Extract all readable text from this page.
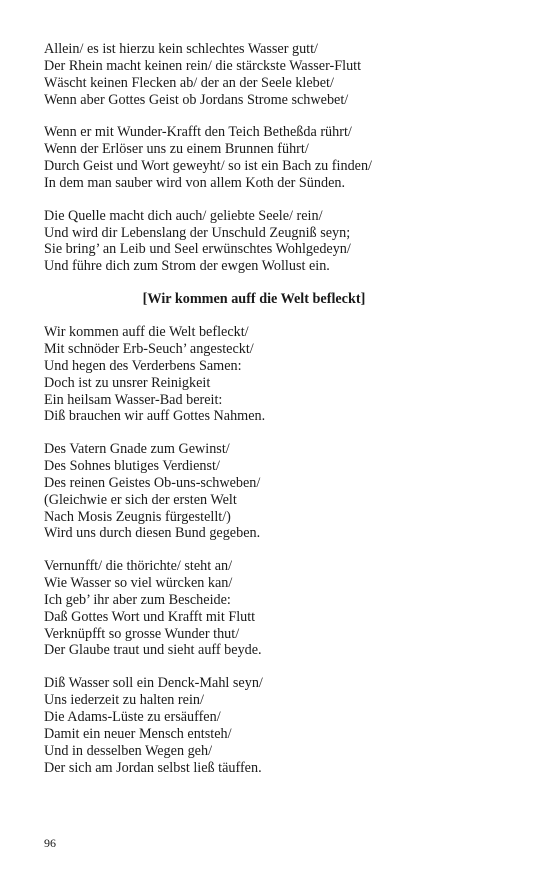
Allein/ es ist hierzu kein schlechtes Wasser gutt/
Der Rhein macht keinen rein/ die stärckste Wasser-Flutt
Wäscht keinen Flecken ab/ der an der Seele klebet/
Wenn aber Gottes Geist ob Jordans Strome schwebet/
Wenn er mit Wunder-Krafft den Teich Betheßda rührt/
Wenn der Erlöser uns zu einem Brunnen führt/
Durch Geist und Wort geweyht/ so ist ein Bach zu finden/
In dem man sauber wird von allem Koth der Sünden.
Die Quelle macht dich auch/ geliebte Seele/ rein/
Und wird dir Lebenslang der Unschuld Zeugniß seyn;
Sie bring’ an Leib und Seel erwünschtes Wohlgedeyn/
Und führe dich zum Strom der ewgen Wollust ein.
[Wir kommen auff die Welt befleckt]
Wir kommen auff die Welt befleckt/
Mit schnöder Erb-Seuch’ angesteckt/
Und hegen des Verderbens Samen:
Doch ist zu unsrer Reinigkeit
Ein heilsam Wasser-Bad bereit:
Diß brauchen wir auff Gottes Nahmen.
Des Vatern Gnade zum Gewinst/
Des Sohnes blutiges Verdienst/
Des reinen Geistes Ob-uns-schweben/
(Gleichwie er sich der ersten Welt
Nach Mosis Zeugnis fürgestellt/)
Wird uns durch diesen Bund gegeben.
Vernunfft/ die thörichte/ steht an/
Wie Wasser so viel würcken kan/
Ich geb’ ihr aber zum Bescheide:
Daß Gottes Wort und Krafft mit Flutt
Verknüpfft so grosse Wunder thut/
Der Glaube traut und sieht auff beyde.
Diß Wasser soll ein Denck-Mahl seyn/
Uns iederzeit zu halten rein/
Die Adams-Lüste zu ersäuffen/
Damit ein neuer Mensch entsteh/
Und in desselben Wegen geh/
Der sich am Jordan selbst ließ täuffen.
96
